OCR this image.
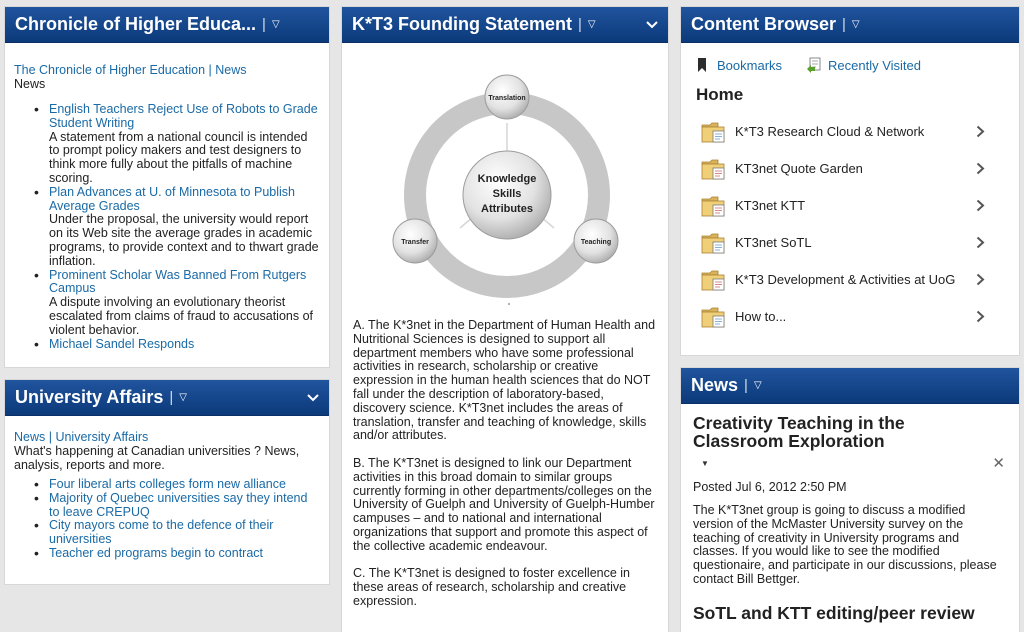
Chronicle of Higher Educa... | ▽
The Chronicle of Higher Education | News
News
• English Teachers Reject Use of Robots to Grade Student Writing
A statement from a national council is intended to prompt policy makers and test designers to think more fully about the pitfalls of machine scoring.
• Plan Advances at U. of Minnesota to Publish Average Grades
Under the proposal, the university would report on its Web site the average grades in academic programs, to provide context and to thwart grade inflation.
• Prominent Scholar Was Banned From Rutgers Campus
A dispute involving an evolutionary theorist escalated from claims of fraud to accusations of violent behavior.
• Michael Sandel Responds
University Affairs | ▽
News | University Affairs
What's happening at Canadian universities ? News, analysis, reports and more.
• Four liberal arts colleges form new alliance
• Majority of Quebec universities say they intend to leave CREPUQ
• City mayors come to the defence of their universities
• Teacher ed programs begin to contract
K*T3 Founding Statement | ▽
Knowledge
Skills
Attributes
Translation
Transfer	Teaching

A. The K*3net in the Department of Human Health and Nutritional Sciences is designed to support all department members who have some professional activities in research, scholarship or creative expression in the human health sciences that do NOT fall under the description of laboratory-based, discovery science. K*T3net includes the areas of translation, transfer and teaching of knowledge, skills and/or attributes.

B. The K*T3net is designed to link our Department activities in this broad domain to similar groups currently forming in other departments/colleges on the University of Guelph and University of Guelph-Humber campuses – and to national and international organizations that support and promote this aspect of the collective academic endeavour.

C. The K*T3net is designed to foster excellence in these areas of research, scholarship and creative expression.

Content Browser | ▽
Bookmarks	Recently Visited
Home
K*T3 Research Cloud & Network
KT3net Quote Garden
KT3net KTT
KT3net SoTL
K*T3 Development & Activities at UoG
How to...
News | ▽
Creativity Teaching in the Classroom Exploration
▼	✕
Posted Jul 6, 2012 2:50 PM
The K*T3net group is going to discuss a modified version of the McMaster University survey on the teaching of creativity in University programs and classes. If you would like to see the modified questionaire, and participate in our discussions, please contact Bill Bettger.
SoTL and KTT editing/peer review
